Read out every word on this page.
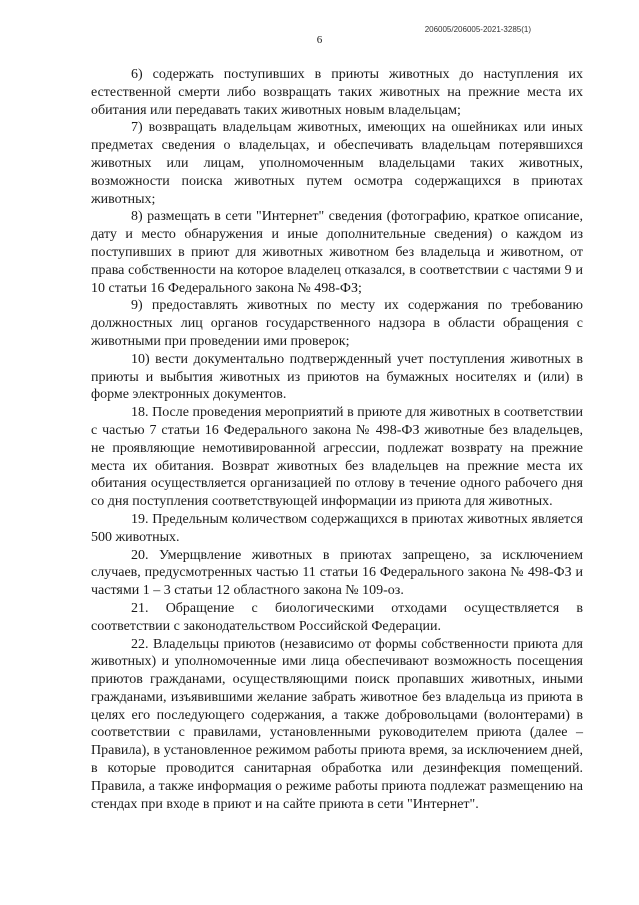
206005/206005-2021-3285(1)
6

6) содержать поступивших в приюты животных до наступления их естественной смерти либо возвращать таких животных на прежние места их обитания или передавать таких животных новым владельцам;

7) возвращать владельцам животных, имеющих на ошейниках или иных предметах сведения о владельцах, и обеспечивать владельцам потерявшихся животных или лицам, уполномоченным владельцами таких животных, возможности поиска животных путем осмотра содержащихся в приютах животных;

8) размещать в сети "Интернет" сведения (фотографию, краткое описание, дату и место обнаружения и иные дополнительные сведения) о каждом из поступивших в приют для животных животном без владельца и животном, от права собственности на которое владелец отказался, в соответствии с частями 9 и 10 статьи 16 Федерального закона № 498-ФЗ;

9) предоставлять животных по месту их содержания по требованию должностных лиц органов государственного надзора в области обращения с животными при проведении ими проверок;

10) вести документально подтвержденный учет поступления животных в приюты и выбытия животных из приютов на бумажных носителях и (или) в форме электронных документов.

18. После проведения мероприятий в приюте для животных в соответствии с частью 7 статьи 16 Федерального закона № 498-ФЗ животные без владельцев, не проявляющие немотивированной агрессии, подлежат возврату на прежние места их обитания. Возврат животных без владельцев на прежние места их обитания осуществляется организацией по отлову в течение одного рабочего дня со дня поступления соответствующей информации из приюта для животных.

19. Предельным количеством содержащихся в приютах животных является 500 животных.

20. Умерщвление животных в приютах запрещено, за исключением случаев, предусмотренных частью 11 статьи 16 Федерального закона № 498-ФЗ и частями 1 – 3 статьи 12 областного закона № 109-оз.

21. Обращение с биологическими отходами осуществляется в соответствии с законодательством Российской Федерации.

22. Владельцы приютов (независимо от формы собственности приюта для животных) и уполномоченные ими лица обеспечивают возможность посещения приютов гражданами, осуществляющими поиск пропавших животных, иными гражданами, изъявившими желание забрать животное без владельца из приюта в целях его последующего содержания, а также добровольцами (волонтерами) в соответствии с правилами, установленными руководителем приюта (далее – Правила), в установленное режимом работы приюта время, за исключением дней, в которые проводится санитарная обработка или дезинфекция помещений. Правила, а также информация о режиме работы приюта подлежат размещению на стендах при входе в приют и на сайте приюта в сети "Интернет".
